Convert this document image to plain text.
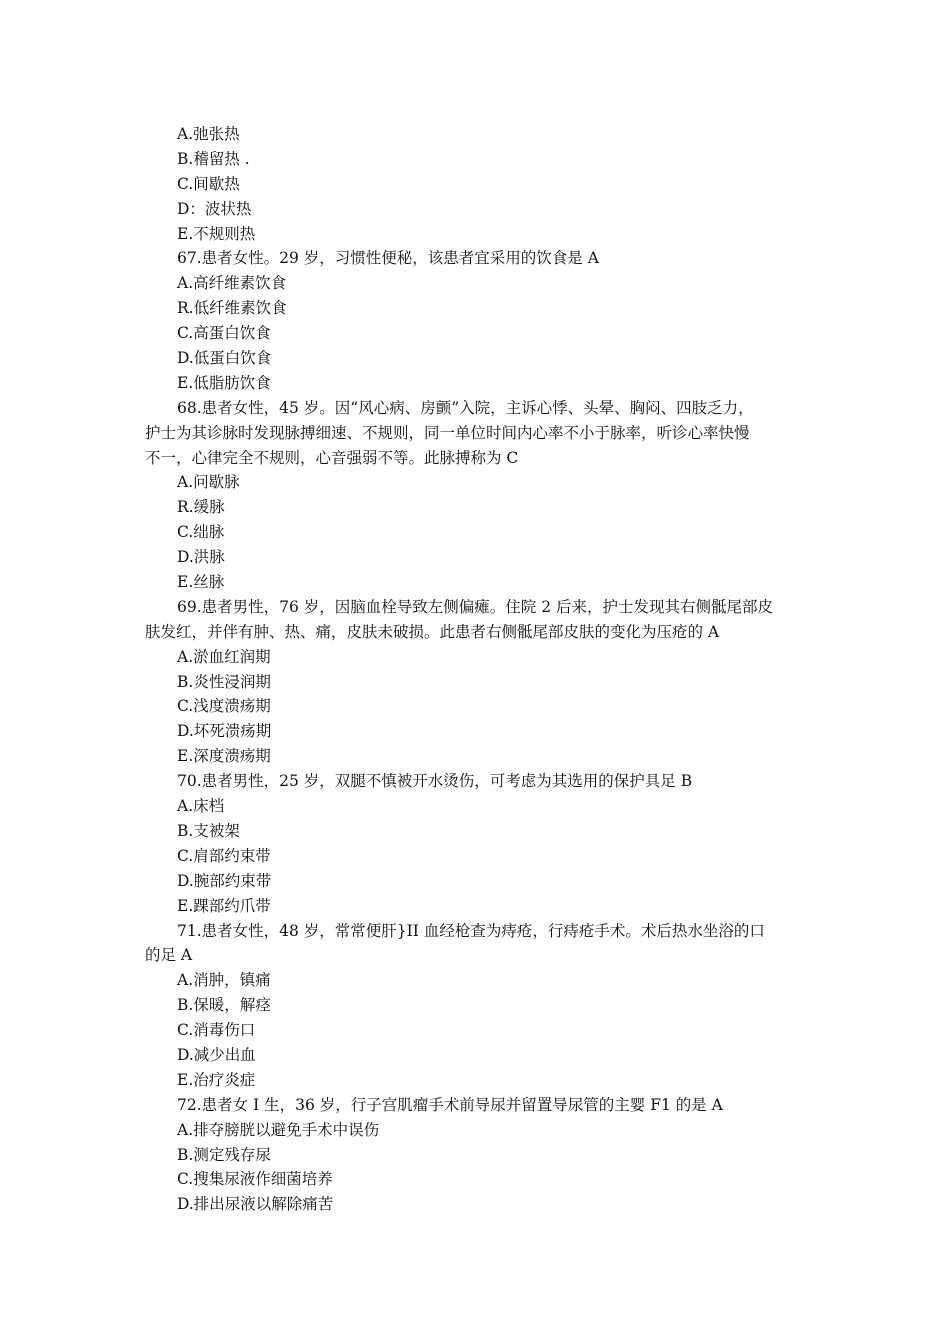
A.弛张热
B.稽留热 .
C.间歇热
D：波状热
E.不规则热
67.患者女性。29 岁，习惯性便秘，该患者宜采用的饮食是 A
A.高纤维素饮食
R.低纤维素饮食
C.高蛋白饮食
D.低蛋白饮食
E.低脂肪饮食
68.患者女性，45 岁。因“风心病、房颤”入院，主诉心悸、头晕、胸闷、四肢乏力，
护士为其诊脉时发现脉搏细速、不规则，同一单位时间内心率不小于脉率，听诊心率快慢
不一，心律完全不规则，心音强弱不等。此脉搏称为 C
A.问歇脉
R.缓脉
C.绌脉
D.洪脉
E.丝脉
69.患者男性，76 岁，因脑血栓导致左侧偏瘫。住院 2 后来，护士发现其右侧骶尾部皮
肤发红，并伴有肿、热、痛，皮肤未破损。此患者右侧骶尾部皮肤的变化为压疮的 A
A.淤血红润期
B.炎性浸润期
C.浅度溃疡期
D.坏死溃疡期
E.深度溃疡期
70.患者男性，25 岁，双腿不慎被开水烫伤，可考虑为其选用的保护具足 B
A.床档
B.支被架
C.肩部约束带
D.腕部约束带
E.踝部约爪带
71.患者女性，48 岁，常常便肝}II 血经枪查为痔疮，行痔疮手术。术后热水坐浴的口
的足 A
A.消肿，镇痛
B.保暖，解痉
C.消毒伤口
D.减少出血
E.治疗炎症
72.患者女 I 生，36 岁，行子宫肌瘤手术前导尿并留置导尿管的主婴 F1 的是 A
A.排夺膀胱以避免手术中误伤
B.测定残存尿
C.搜集尿液作细菌培养
D.排出尿液以解除痛苦
